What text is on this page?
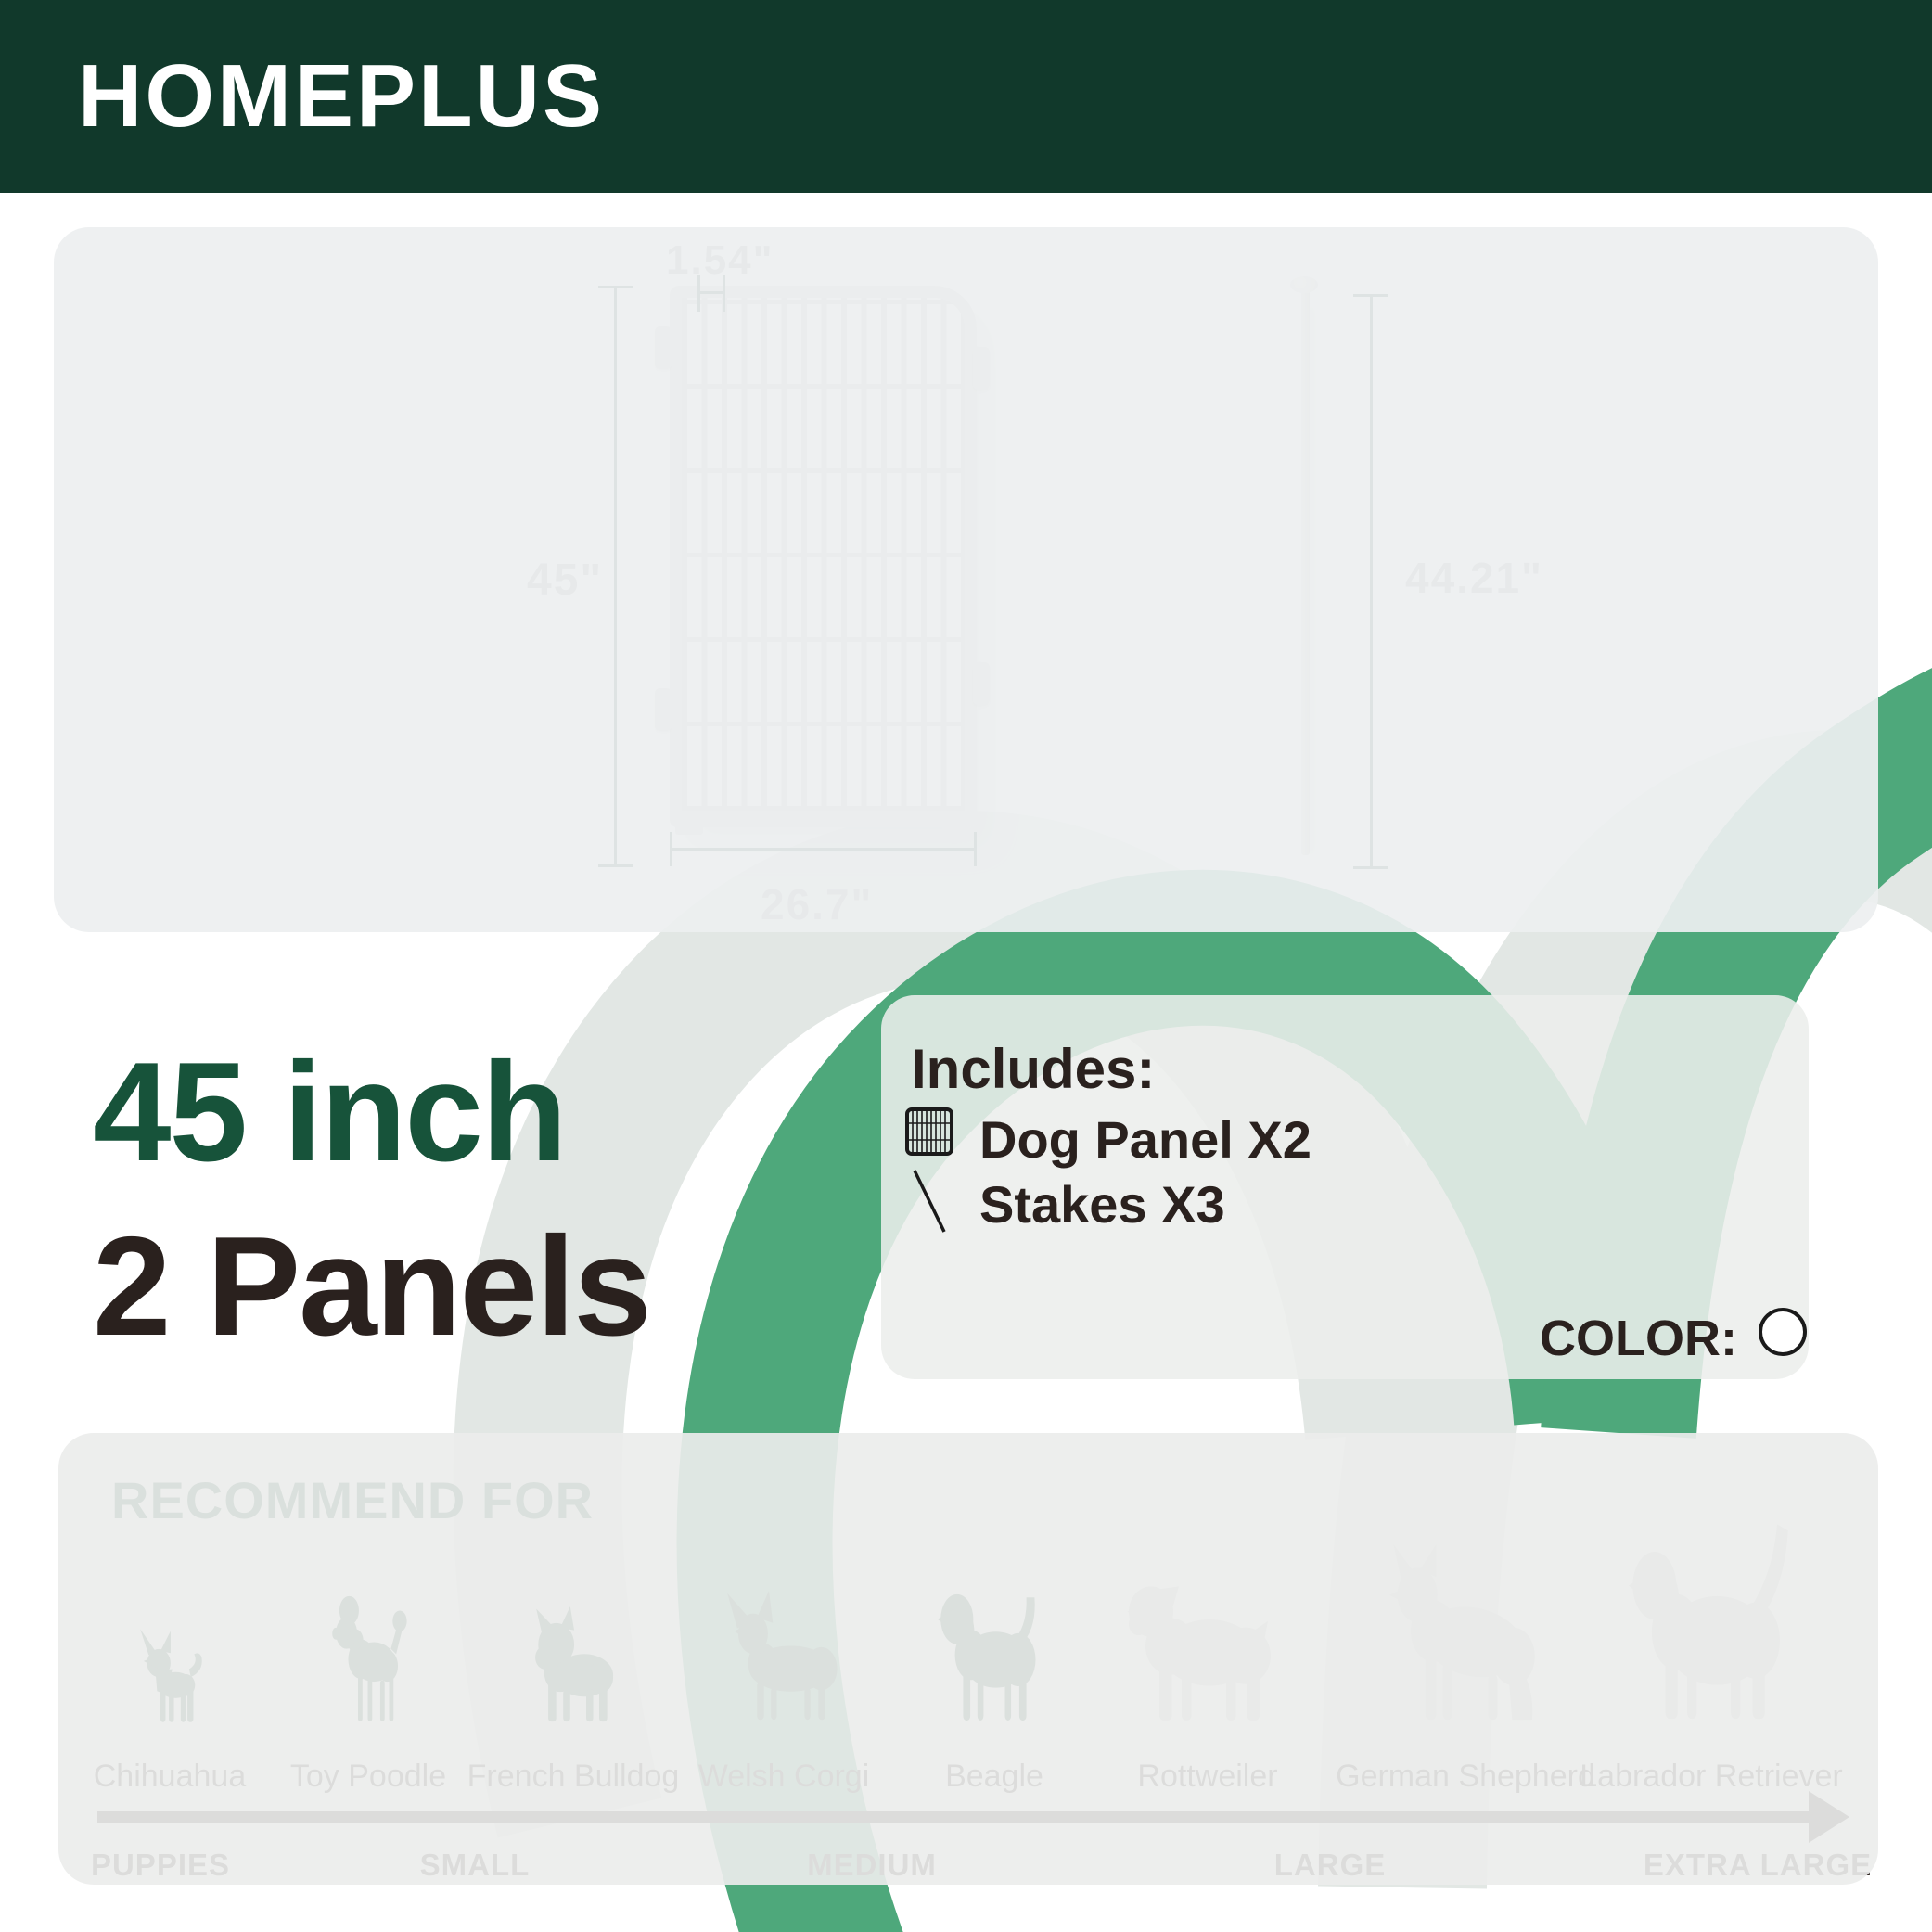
HOMEPLUS
45 inch
2 Panels
Includes:
Dog Panel X2
Stakes X3
COLOR:
